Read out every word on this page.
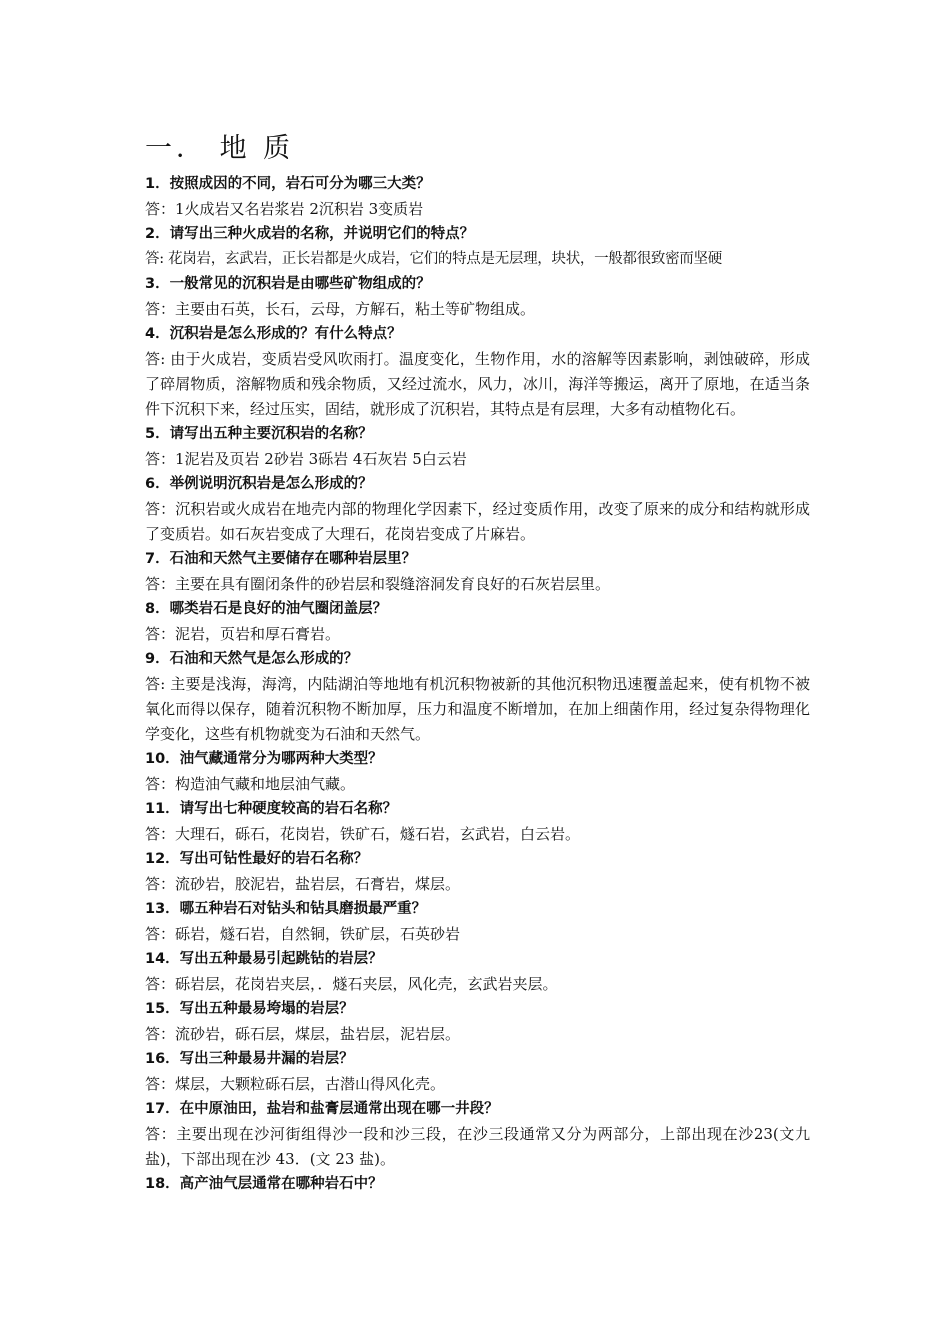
一． 地 质
1．按照成因的不同，岩石可分为哪三大类？
答：1火成岩又名岩浆岩 2沉积岩 3变质岩
2．请写出三种火成岩的名称，并说明它们的特点？
答: 花岗岩，玄武岩，正长岩都是火成岩，它们的特点是无层理，块状，一般都很致密而坚硬
3．一般常见的沉积岩是由哪些矿物组成的？
答：主要由石英，长石，云母，方解石，粘土等矿物组成。
4．沉积岩是怎么形成的？有什么特点？
答: 由于火成岩，变质岩受风吹雨打。温度变化，生物作用，水的溶解等因素影响，剥蚀破碎，形成了碎屑物质，溶解物质和残余物质，又经过流水，风力，冰川，海洋等搬运，离开了原地，在适当条件下沉积下来，经过压实，固结，就形成了沉积岩，其特点是有层理，大多有动植物化石。
5．请写出五种主要沉积岩的名称？
答：1泥岩及页岩 2砂岩 3砾岩 4石灰岩 5白云岩
6．举例说明沉积岩是怎么形成的？
答：沉积岩或火成岩在地壳内部的物理化学因素下，经过变质作用，改变了原来的成分和结构就形成了变质岩。如石灰岩变成了大理石，花岗岩变成了片麻岩。
7．石油和天然气主要储存在哪种岩层里？
答：主要在具有圈闭条件的砂岩层和裂缝溶洞发育良好的石灰岩层里。
8．哪类岩石是良好的油气圈闭盖层？
答：泥岩，页岩和厚石膏岩。
9．石油和天然气是怎么形成的？
答: 主要是浅海，海湾，内陆湖泊等地地有机沉积物被新的其他沉积物迅速覆盖起来，使有机物不被氧化而得以保存，随着沉积物不断加厚，压力和温度不断增加，在加上细菌作用，经过复杂得物理化学变化，这些有机物就变为石油和天然气。
10．油气藏通常分为哪两种大类型？
答：构造油气藏和地层油气藏。
11．请写出七种硬度较高的岩石名称？
答：大理石，砾石，花岗岩，铁矿石，燧石岩，玄武岩，白云岩。
12．写出可钻性最好的岩石名称？
答：流砂岩，胶泥岩，盐岩层，石膏岩，煤层。
13．哪五种岩石对钻头和钻具磨损最严重？
答：砾岩，燧石岩，自然铜，铁矿层，石英砂岩
14．写出五种最易引起跳钻的岩层？
答：砾岩层，花岗岩夹层，．燧石夹层，风化壳，玄武岩夹层。
15．写出五种最易垮塌的岩层？
答：流砂岩，砾石层，煤层，盐岩层，泥岩层。
16．写出三种最易井漏的岩层？
答：煤层，大颗粒砾石层，古潜山得风化壳。
17．在中原油田，盐岩和盐膏层通常出现在哪一井段？
答：主要出现在沙河街组得沙一段和沙三段，在沙三段通常又分为两部分，上部出现在沙23(文九盐)，下部出现在沙 43．(文 23 盐)。
18．高产油气层通常在哪种岩石中？
